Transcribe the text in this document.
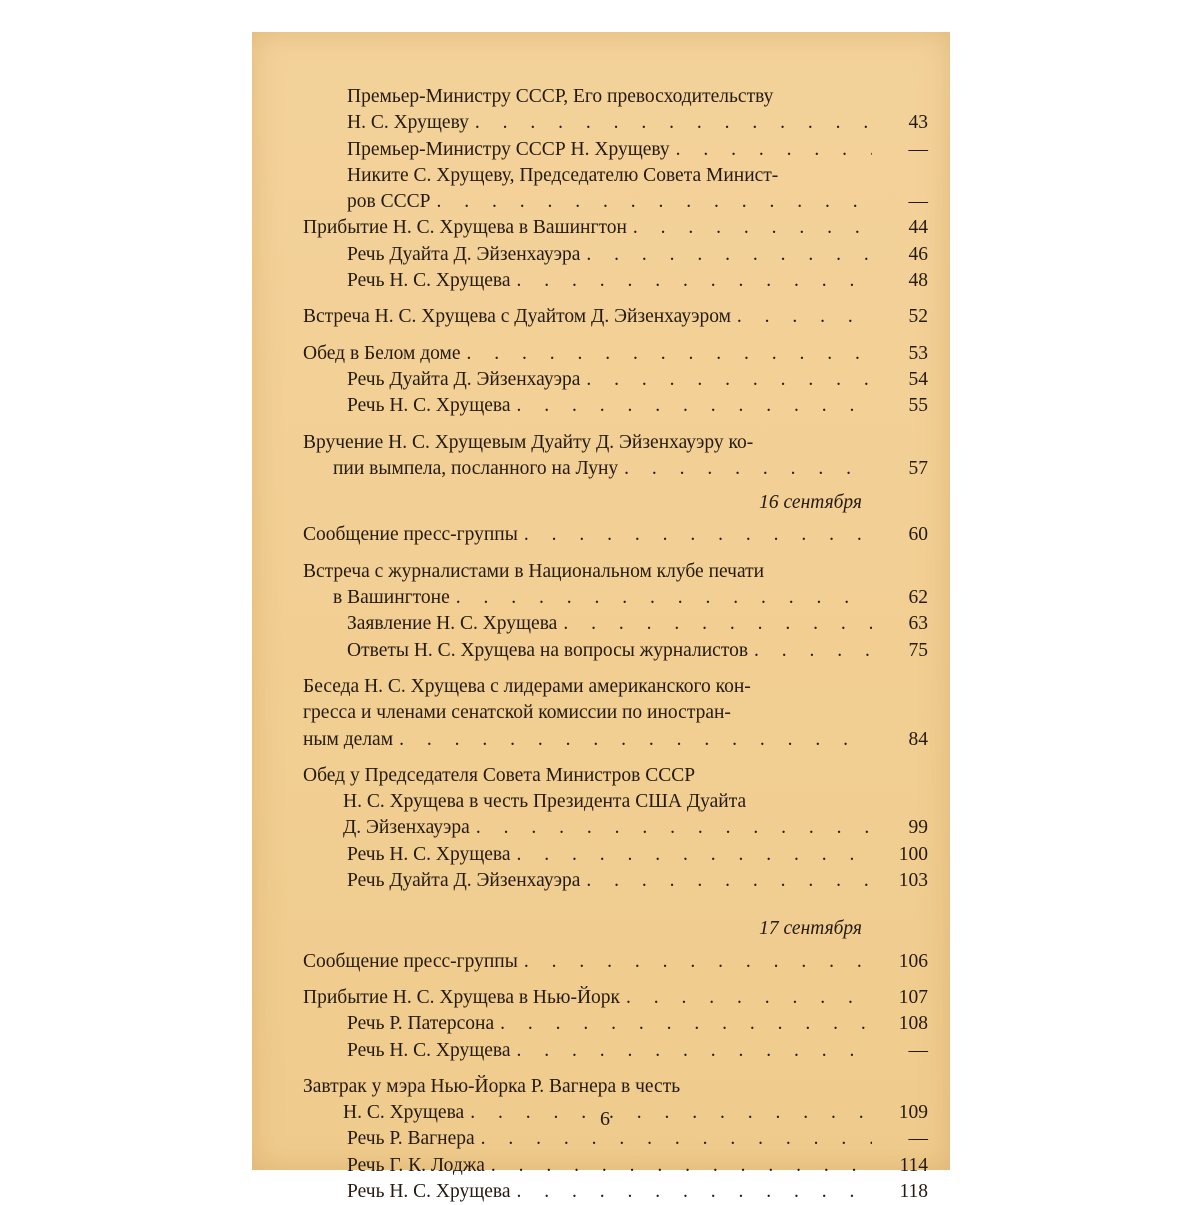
Премьер-Министру СССР, Его превосходительству
Н. С. Хрущеву . . .	43
Премьер-Министру СССР Н. Хрущеву . . .	—
Никите С. Хрущеву, Председателю Совета Минист-
ров СССР . . .	—
Прибытие Н. С. Хрущева в Вашингтон . . .	44
Речь Дуайта Д. Эйзенхауэра . . .	46
Речь Н. С. Хрущева . . .	48
Встреча Н. С. Хрущева с Дуайтом Д. Эйзенхауэром . . .	52
Обед в Белом доме . . .	53
Речь Дуайта Д. Эйзенхауэра . . .	54
Речь Н. С. Хрущева . . .	55
Вручение Н. С. Хрущевым Дуайту Д. Эйзенхауэру ко-
пии вымпела, посланного на Луну . . .	57
16 сентября
Сообщение пресс-группы . . .	60
Встреча с журналистами в Национальном клубе печати
в Вашингтоне . . .	62
Заявление Н. С. Хрущева . . .	63
Ответы Н. С. Хрущева на вопросы журналистов . . .	75
Беседа Н. С. Хрущева с лидерами американского кон-
гресса и членами сенатской комиссии по иностран-
ным делам . . .	84
Обед у Председателя Совета Министров СССР
Н. С. Хрущева в честь Президента США Дуайта
Д. Эйзенхауэра . . .	99
Речь Н. С. Хрущева . . .	100
Речь Дуайта Д. Эйзенхауэра . . .	103
17 сентября
Сообщение пресс-группы . . .	106
Прибытие Н. С. Хрущева в Нью-Йорк . . .	107
Речь Р. Патерсона . . .	108
Речь Н. С. Хрущева . . .	—
Завтрак у мэра Нью-Йорка Р. Вагнера в честь
Н. С. Хрущева . . .	109
Речь Р. Вагнера . . .	—
Речь Г. К. Лоджа . . .	114
Речь Н. С. Хрущева . . .	118
6
